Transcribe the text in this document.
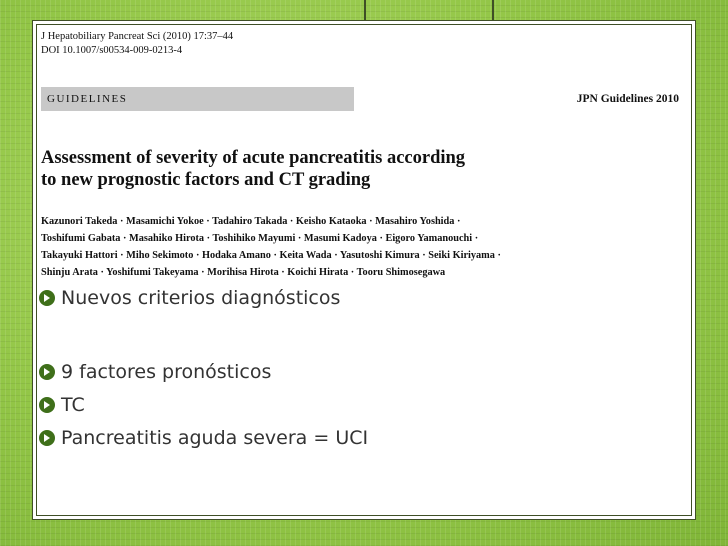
J Hepatobiliary Pancreat Sci (2010) 17:37–44
DOI 10.1007/s00534-009-0213-4
GUIDELINES	JPN Guidelines 2010
Assessment of severity of acute pancreatitis according
to new prognostic factors and CT grading
Kazunori Takeda · Masamichi Yokoe · Tadahiro Takada · Keisho Kataoka · Masahiro Yoshida ·
Toshifumi Gabata · Masahiko Hirota · Toshihiko Mayumi · Masumi Kadoya · Eigoro Yamanouchi ·
Takayuki Hattori · Miho Sekimoto · Hodaka Amano · Keita Wada · Yasutoshi Kimura · Seiki Kiriyama ·
Shinju Arata · Yoshifumi Takeyama · Morihisa Hirota · Koichi Hirata · Tooru Shimosegawa
Nuevos criterios diagnósticos
9 factores pronósticos
TC
Pancreatitis aguda severa = UCI
